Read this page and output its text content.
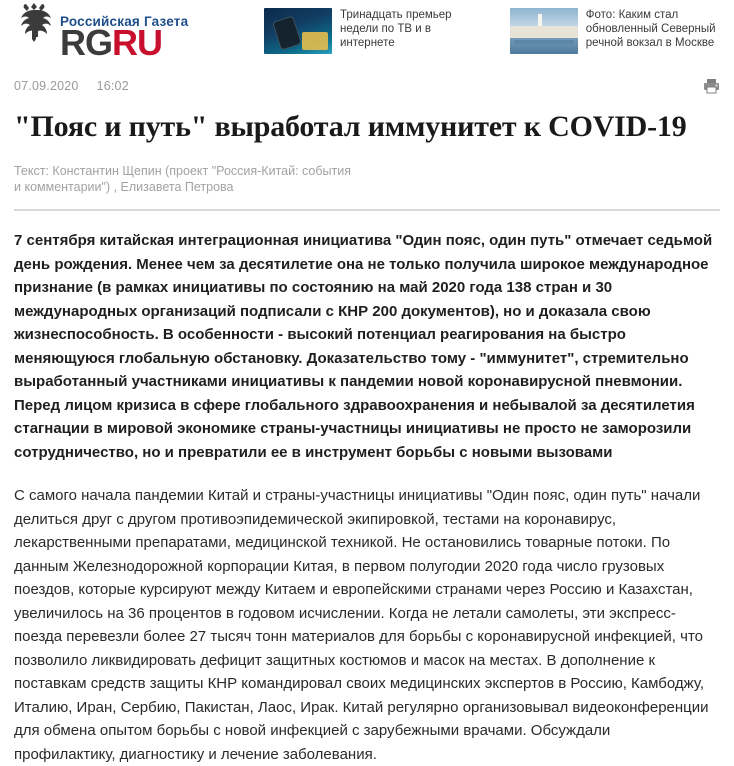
Российская Газета
RGRU
Тринадцать премьер недели по ТВ и в интернете
Фото: Каким стал обновленный Северный речной вокзал в Москве
07.09.2020 16:02
"Пояс и путь" выработал иммунитет к COVID-19
Текст: Константин Щепин (проект "Россия-Китай: события и комментарии") , Елизавета Петрова

7 сентября китайская интеграционная инициатива "Один пояс, один путь" отмечает седьмой день рождения. Менее чем за десятилетие она не только получила широкое международное признание (в рамках инициативы по состоянию на май 2020 года 138 стран и 30 международных организаций подписали с КНР 200 документов), но и доказала свою жизнеспособность. В особенности - высокий потенциал реагирования на быстро меняющуюся глобальную обстановку. Доказательство тому - "иммунитет", стремительно выработанный участниками инициативы к пандемии новой коронавирусной пневмонии. Перед лицом кризиса в сфере глобального здравоохранения и небывалой за десятилетия стагнации в мировой экономике страны-участницы инициативы не просто не заморозили сотрудничество, но и превратили ее в инструмент борьбы с новыми вызовами

С самого начала пандемии Китай и страны-участницы инициативы "Один пояс, один путь" начали делиться друг с другом противоэпидемической экипировкой, тестами на коронавирус, лекарственными препаратами, медицинской техникой. Не остановились товарные потоки. По данным Железнодорожной корпорации Китая, в первом полугодии 2020 года число грузовых поездов, которые курсируют между Китаем и европейскими странами через Россию и Казахстан, увеличилось на 36 процентов в годовом исчислении. Когда не летали самолеты, эти экспресс-поезда перевезли более 27 тысяч тонн материалов для борьбы с коронавирусной инфекцией, что позволило ликвидировать дефицит защитных костюмов и масок на местах. В дополнение к поставкам средств защиты КНР командировал своих медицинских экспертов в Россию, Камбоджу, Италию, Иран, Сербию, Пакистан, Лаос, Ирак. Китай регулярно организовывал видеоконференции для обмена опытом борьбы с новой инфекцией с зарубежными врачами. Обсуждали профилактику, диагностику и лечение заболевания.
